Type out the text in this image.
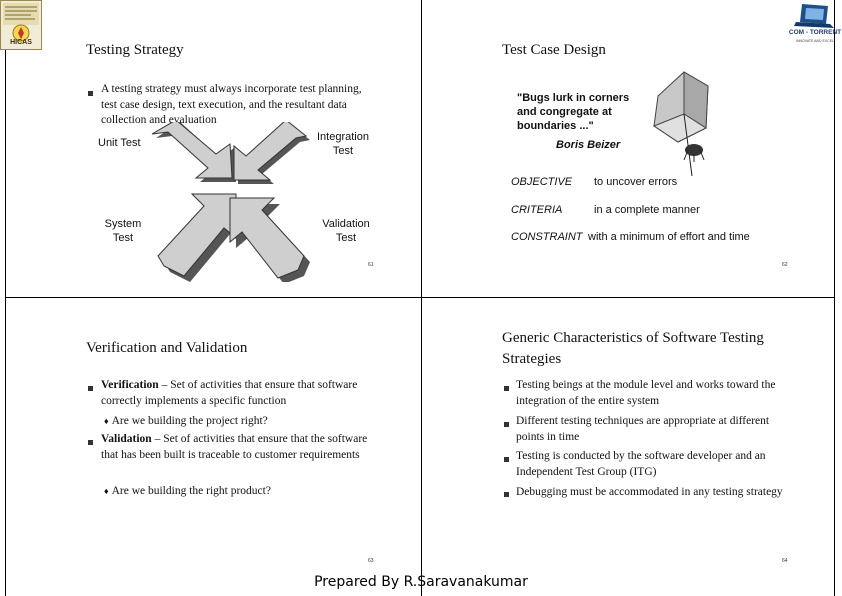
HICAS
COM - TORRENT
INNOVATE AND EXCEL
Testing Strategy
A testing strategy must always incorporate test planning, test case design, text execution, and the resultant data collection and evaluation
Unit Test	Integration Test
System Test
Validation Test
61
Test Case Design
"Bugs lurk in corners and congregate at boundaries ..."
Boris Beizer
OBJECTIVE to uncover errors
CRITERIA	in a complete manner
CONSTRAINT with a minimum of effort and time
62
Verification and Validation
Verification – Set of activities that ensure that software correctly implements a specific function
♦ Are we building the project right?
Validation – Set of activities that ensure that the software that has been built is traceable to customer requirements
♦ Are we building the right product?
63
Generic Characteristics of Software Testing Strategies
Testing beings at the module level and works toward the integration of the entire system
Different testing techniques are appropriate at different points in time
Testing is conducted by the software developer and an Independent Test Group (ITG)
Debugging must be accommodated in any testing strategy
64
Prepared By R.Saravanakumar
